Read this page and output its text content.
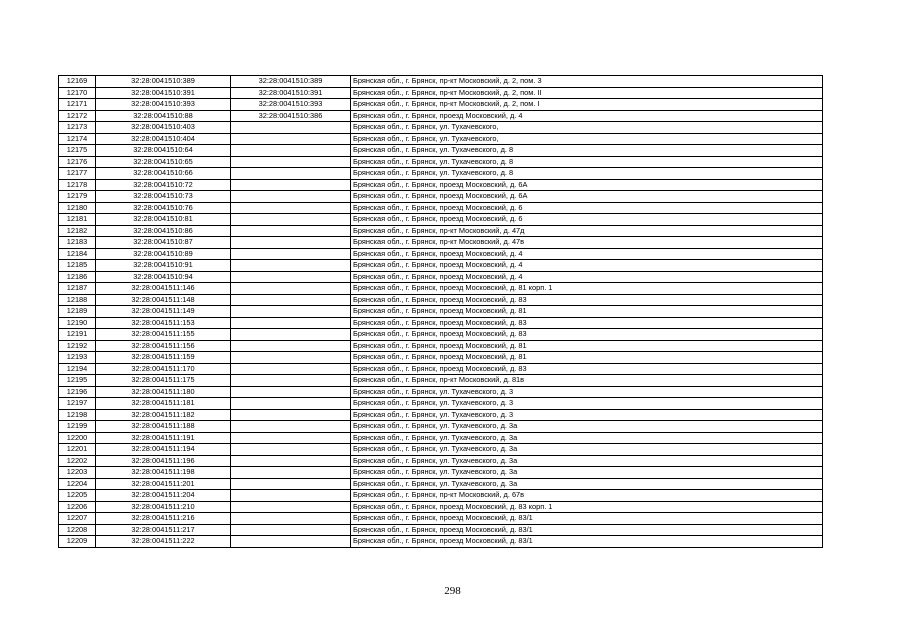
12169	32:28:0041510:389	32:28:0041510:389	Брянская обл., г. Брянск, пр-кт Московский, д. 2, пом. 3
12170	32:28:0041510:391	32:28:0041510:391	Брянская обл., г. Брянск, пр-кт Московский, д. 2, пом. II
12171	32:28:0041510:393	32:28:0041510:393	Брянская обл., г. Брянск, пр-кт Московский, д. 2, пом. I
12172	32:28:0041510:88	32:28:0041510:386	Брянская обл., г. Брянск, проезд Московский, д. 4
12173	32:28:0041510:403		Брянская обл., г. Брянск, ул. Тухачевского,
12174	32:28:0041510:404		Брянская обл., г. Брянск, ул. Тухачевского,
12175	32:28:0041510:64		Брянская обл., г. Брянск, ул. Тухачевского, д. 8
12176	32:28:0041510:65		Брянская обл., г. Брянск, ул. Тухачевского, д. 8
12177	32:28:0041510:66		Брянская обл., г. Брянск, ул. Тухачевского, д. 8
12178	32:28:0041510:72		Брянская обл., г. Брянск, проезд Московский, д. 6А
12179	32:28:0041510:73		Брянская обл., г. Брянск, проезд Московский, д. 6А
12180	32:28:0041510:76		Брянская обл., г. Брянск, проезд Московский, д. 6
12181	32:28:0041510:81		Брянская обл., г. Брянск, проезд Московский, д. 6
12182	32:28:0041510:86		Брянская обл., г. Брянск, пр-кт Московский, д. 47д
12183	32:28:0041510:87		Брянская обл., г. Брянск, пр-кт Московский, д. 47в
12184	32:28:0041510:89		Брянская обл., г. Брянск, проезд Московский, д. 4
12185	32:28:0041510:91		Брянская обл., г. Брянск, проезд Московский, д. 4
12186	32:28:0041510:94		Брянская обл., г. Брянск, проезд Московский, д. 4
12187	32:28:0041511:146		Брянская обл., г. Брянск, проезд Московский, д. 81 корп. 1
12188	32:28:0041511:148		Брянская обл., г. Брянск, проезд Московский, д. 83
12189	32:28:0041511:149		Брянская обл., г. Брянск, проезд Московский, д. 81
12190	32:28:0041511:153		Брянская обл., г. Брянск, проезд Московский, д. 83
12191	32:28:0041511:155		Брянская обл., г. Брянск, проезд Московский, д. 83
12192	32:28:0041511:156		Брянская обл., г. Брянск, проезд Московский, д. 81
12193	32:28:0041511:159		Брянская обл., г. Брянск, проезд Московский, д. 81
12194	32:28:0041511:170		Брянская обл., г. Брянск, проезд Московский, д. 83
12195	32:28:0041511:175		Брянская обл., г. Брянск, пр-кт Московский, д. 81в
12196	32:28:0041511:180		Брянская обл., г. Брянск, ул. Тухачевского, д. 3
12197	32:28:0041511:181		Брянская обл., г. Брянск, ул. Тухачевского, д. 3
12198	32:28:0041511:182		Брянская обл., г. Брянск, ул. Тухачевского, д. 3
12199	32:28:0041511:188		Брянская обл., г. Брянск, ул. Тухачевского, д. 3а
12200	32:28:0041511:191		Брянская обл., г. Брянск, ул. Тухачевского, д. 3а
12201	32:28:0041511:194		Брянская обл., г. Брянск, ул. Тухачевского, д. 3а
12202	32:28:0041511:196		Брянская обл., г. Брянск, ул. Тухачевского, д. 3а
12203	32:28:0041511:198		Брянская обл., г. Брянск, ул. Тухачевского, д. 3а
12204	32:28:0041511:201		Брянская обл., г. Брянск, ул. Тухачевского, д. 3а
12205	32:28:0041511:204		Брянская обл., г. Брянск, пр-кт Московский, д. 67в
12206	32:28:0041511:210		Брянская обл., г. Брянск, проезд Московский, д. 83 корп. 1
12207	32:28:0041511:216		Брянская обл., г. Брянск, проезд Московский, д. 83/1
12208	32:28:0041511:217		Брянская обл., г. Брянск, проезд Московский, д. 83/1
12209	32:28:0041511:222		Брянская обл., г. Брянск, проезд Московский, д. 83/1
298
